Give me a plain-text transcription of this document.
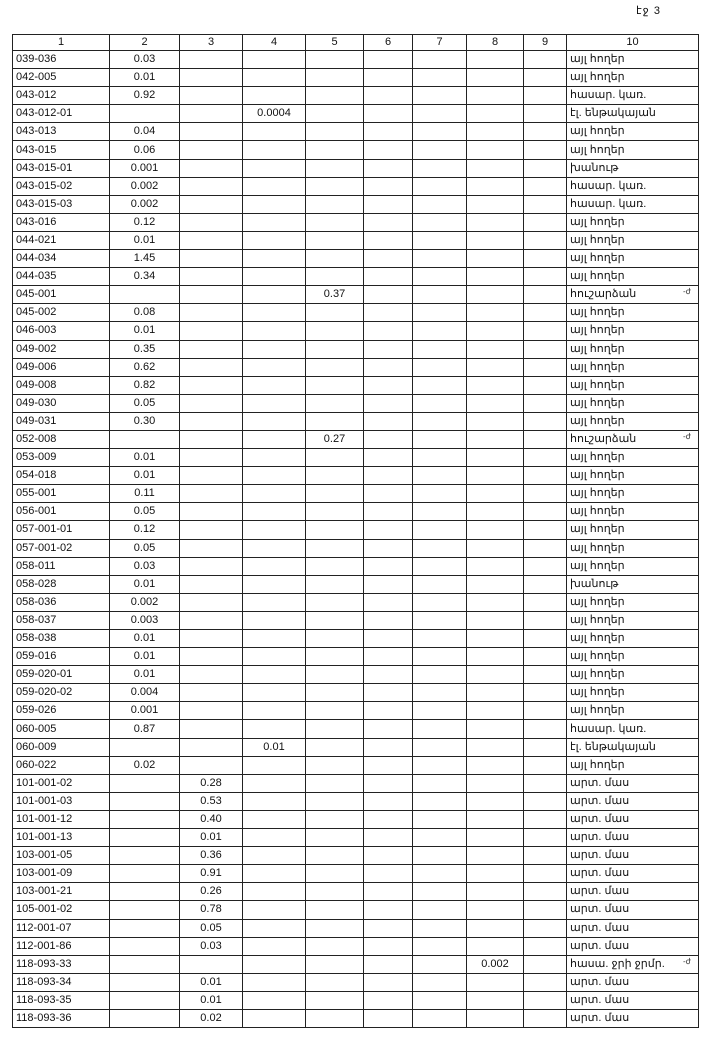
էջ 3
1	2	3	4	5	6	7	8	9	10
039-036	0.03								այլ հողեր
042-005	0.01								այլ հողեր
043-012	0.92								հասար. կառ.
043-012-01			0.0004						էլ. ենթակայան
043-013	0.04								այլ հողեր
043-015	0.06								այլ հողեր
043-015-01	0.001								խանութ
043-015-02	0.002								հասար. կառ.
043-015-03	0.002								հասար. կառ.
043-016	0.12								այլ հողեր
044-021	0.01								այլ հողեր
044-034	1.45								այլ հողեր
044-035	0.34								այլ հողեր
045-001				0.37					հուշարձան
045-002	0.08								այլ հողեր
046-003	0.01								այլ հողեր
049-002	0.35								այլ հողեր
049-006	0.62								այլ հողեր
049-008	0.82								այլ հողեր
049-030	0.05								այլ հողեր
049-031	0.30								այլ հողեր
052-008				0.27					հուշարձան
053-009	0.01								այլ հողեր
054-018	0.01								այլ հողեր
055-001	0.11								այլ հողեր
056-001	0.05								այլ հողեր
057-001-01	0.12								այլ հողեր
057-001-02	0.05								այլ հողեր
058-011	0.03								այլ հողեր
058-028	0.01								խանութ
058-036	0.002								այլ հողեր
058-037	0.003								այլ հողեր
058-038	0.01								այլ հողեր
059-016	0.01								այլ հողեր
059-020-01	0.01								այլ հողեր
059-020-02	0.004								այլ հողեր
059-026	0.001								այլ հողեր
060-005	0.87								հասար. կառ.
060-009			0.01						էլ. ենթակայան
060-022	0.02								այլ հողեր
101-001-02		0.28							արտ. մաս
101-001-03		0.53							արտ. մաս
101-001-12		0.40							արտ. մաս
101-001-13		0.01							արտ. մաս
103-001-05		0.36							արտ. մաս
103-001-09		0.91							արտ. մաս
103-001-21		0.26							արտ. մաս
105-001-02		0.78							արտ. մաս
112-001-07		0.05							արտ. մաս
112-001-86		0.03							արտ. մաս
118-093-33							0.002		հասա. ջրի ջրմր.
118-093-34		0.01							արտ. մաս
118-093-35		0.01							արտ. մաս
118-093-36		0.02							արտ. մաս
-ժ
-ժ
-ժ
